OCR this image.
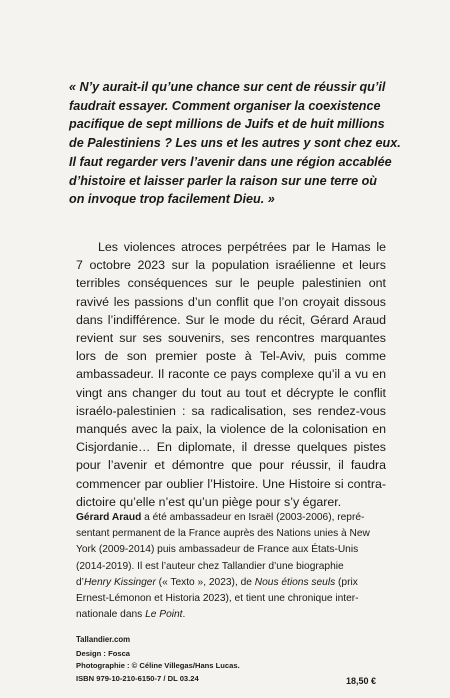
« N’y aurait-il qu’une chance sur cent de réussir qu’il
faudrait essayer. Comment organiser la coexistence
pacifique de sept millions de Juifs et de huit millions
de Palestiniens ? Les uns et les autres y sont chez eux.
Il faut regarder vers l’avenir dans une région accablée
d’histoire et laisser parler la raison sur une terre où
on invoque trop facilement Dieu. »
Les violences atroces perpétrées par le Hamas le
7 octobre 2023 sur la population israélienne et leurs
terribles conséquences sur le peuple palestinien ont
ravivé les passions d’un conflit que l’on croyait dissous
dans l’indifférence. Sur le mode du récit, Gérard Araud
revient sur ses souvenirs, ses rencontres marquantes
lors de son premier poste à Tel-Aviv, puis comme
ambassadeur. Il raconte ce pays complexe qu’il a vu en
vingt ans changer du tout au tout et décrypte le conflit
israélo-palestinien : sa radicalisation, ses rendez-vous
manqués avec la paix, la violence de la colonisation en
Cisjordanie… En diplomate, il dresse quelques pistes
pour l’avenir et démontre que pour réussir, il faudra
commencer par oublier l’Histoire. Une Histoire si contra-
dictoire qu’elle n’est qu’un piège pour s’y égarer.
Gérard Araud a été ambassadeur en Israël (2003-2006), repré-
sentant permanent de la France auprès des Nations unies à New
York (2009-2014) puis ambassadeur de France aux États-Unis
(2014-2019). Il est l’auteur chez Tallandier d’une biographie
d’Henry Kissinger (« Texto », 2023), de Nous étions seuls (prix
Ernest-Lémonon et Historia 2023), et tient une chronique inter-
nationale dans Le Point.
Tallandier.com
Design : Fosca
Photographie : © Céline Villegas/Hans Lucas.
ISBN 979-10-210-6150-7 / DL 03.24	18,50 €
